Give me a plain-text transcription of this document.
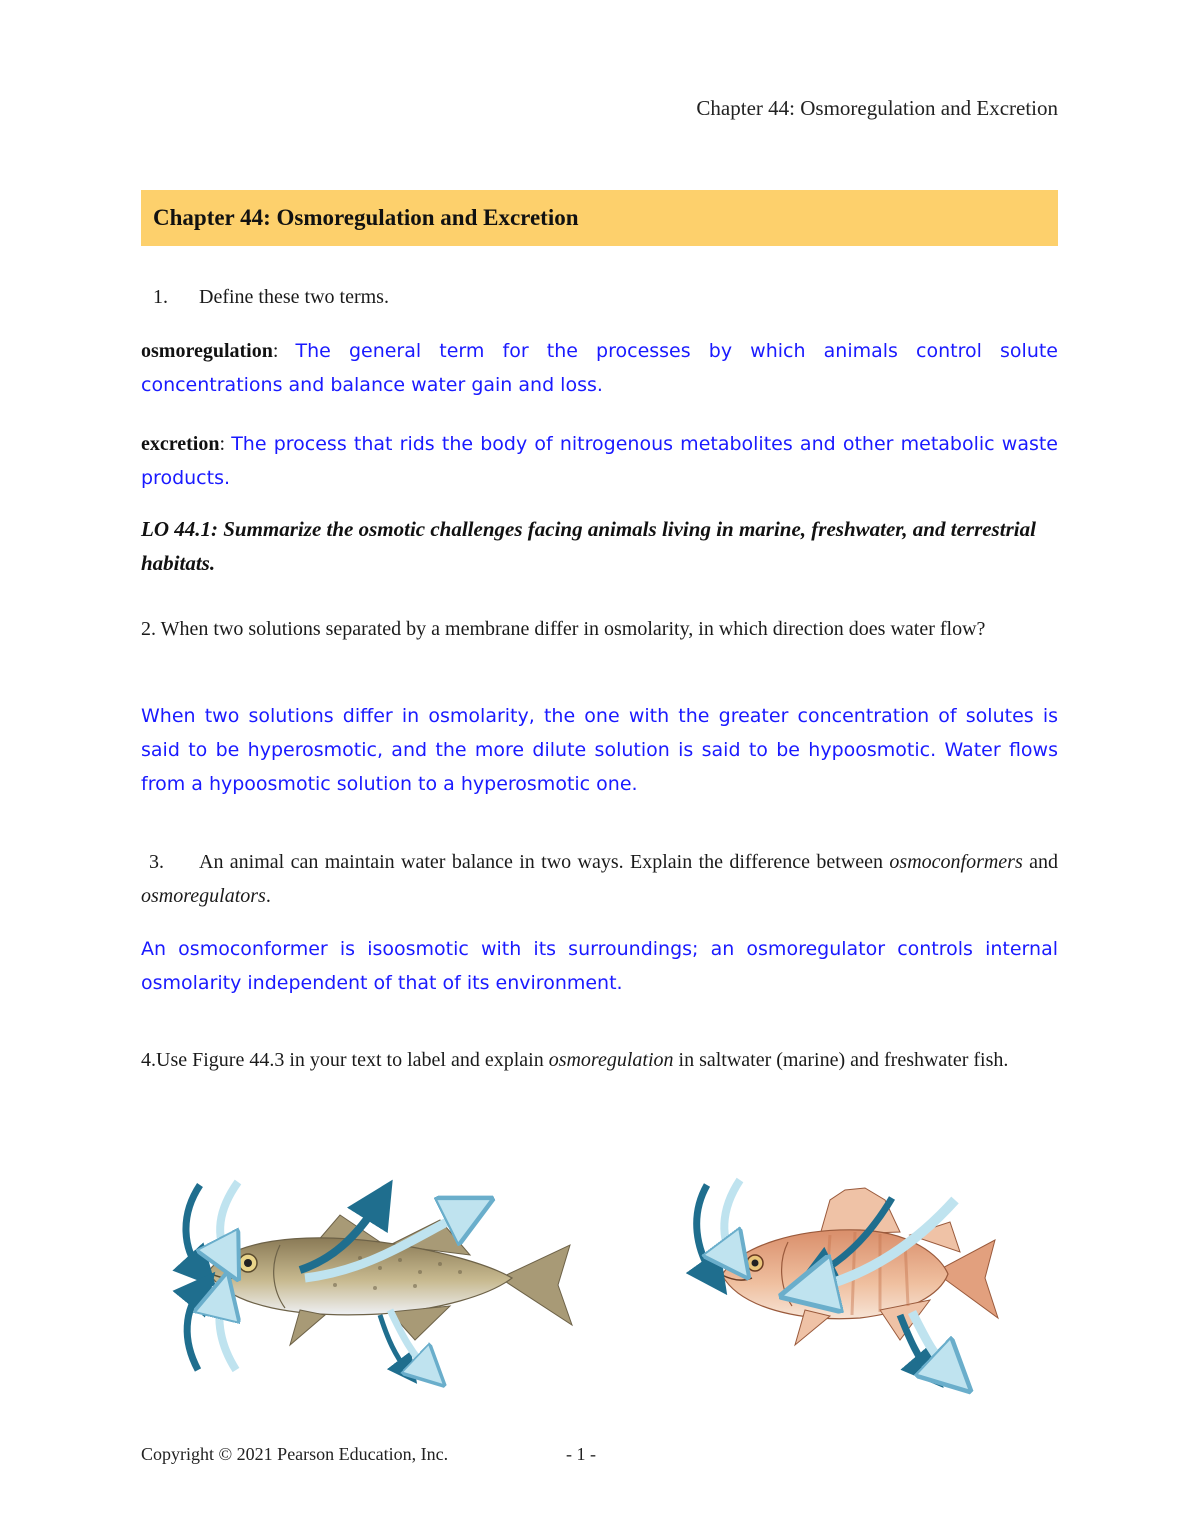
Chapter 44: Osmoregulation and Excretion
Chapter 44: Osmoregulation and Excretion
1. Define these two terms.
osmoregulation: The general term for the processes by which animals control solute concentrations and balance water gain and loss.
excretion: The process that rids the body of nitrogenous metabolites and other metabolic waste products.
LO 44.1: Summarize the osmotic challenges facing animals living in marine, freshwater, and terrestrial habitats.
2. When two solutions separated by a membrane differ in osmolarity, in which direction does water flow?
When two solutions differ in osmolarity, the one with the greater concentration of solutes is said to be hyperosmotic, and the more dilute solution is said to be hypoosmotic. Water flows from a hypoosmotic solution to a hyperosmotic one.
3. An animal can maintain water balance in two ways. Explain the difference between osmoconformers and osmoregulators.
An osmoconformer is isoosmotic with its surroundings; an osmoregulator controls internal osmolarity independent of that of its environment.
4.Use Figure 44.3 in your text to label and explain osmoregulation in saltwater (marine) and freshwater fish.
Copyright © 2021 Pearson Education, Inc.	- 1 -
